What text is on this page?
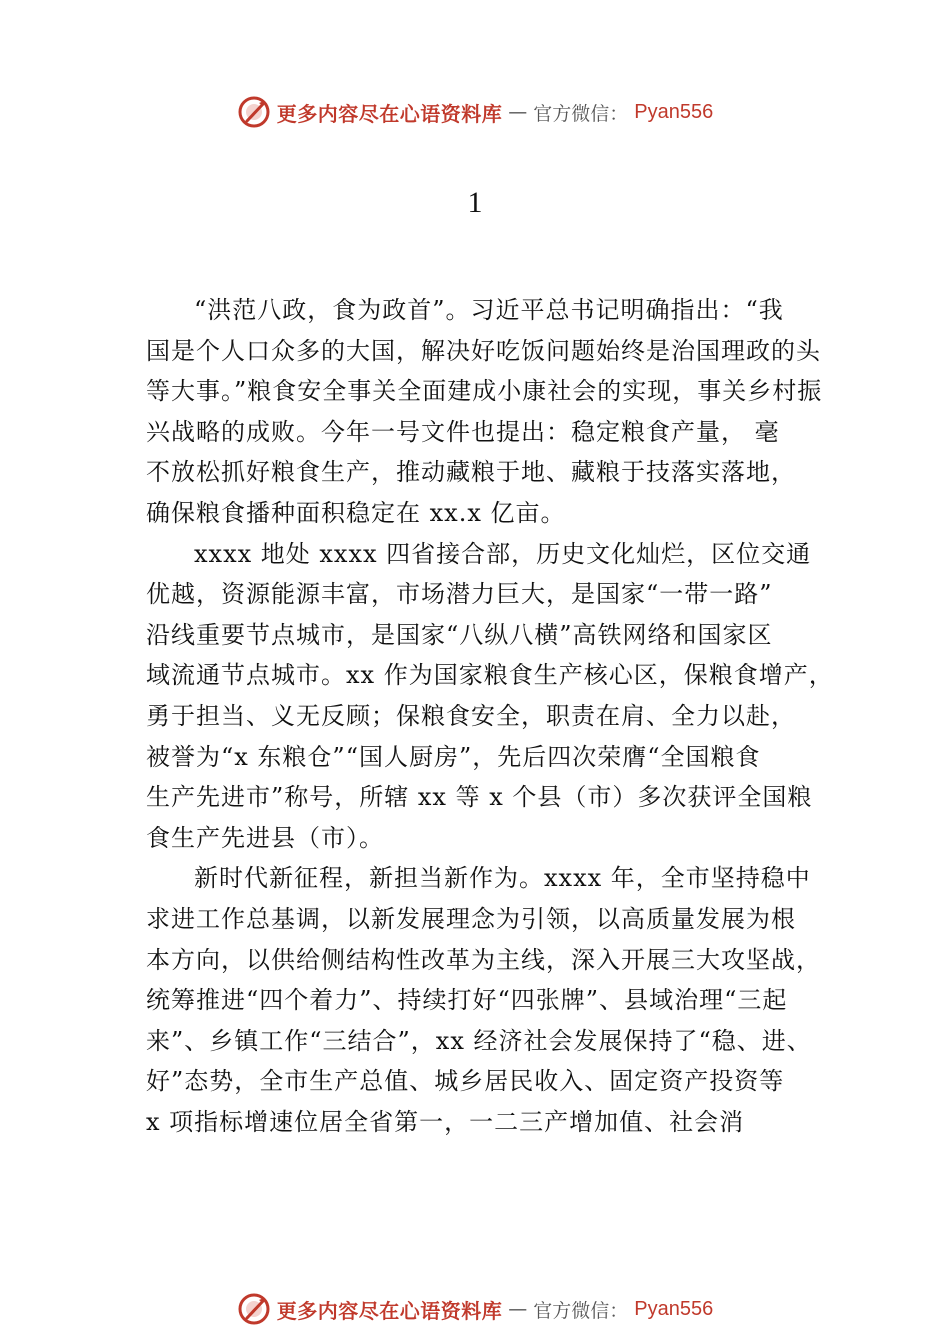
更多内容尽在心语资料库 — 官方微信： Pyan556
1
“洪范八政，食为政首”。习近平总书记明确指出：“我
国是个人口众多的大国，解决好吃饭问题始终是治国理政的头
等大事。”粮食安全事关全面建成小康社会的实现，事关乡村振
兴战略的成败。今年一号文件也提出：稳定粮食产量， 毫
不放松抓好粮食生产，推动藏粮于地、藏粮于技落实落地，
确保粮食播种面积稳定在 xx.x 亿亩。
xxxx 地处 xxxx 四省接合部，历史文化灿烂，区位交通
优越，资源能源丰富，市场潜力巨大，是国家“一带一路”
沿线重要节点城市，是国家“八纵八横”高铁网络和国家区
域流通节点城市。xx 作为国家粮食生产核心区，保粮食增产，
勇于担当、义无反顾；保粮食安全，职责在肩、全力以赴，
被誉为“x 东粮仓”“国人厨房”，先后四次荣膺“全国粮食
生产先进市”称号，所辖 xx 等 x 个县（市）多次获评全国粮
食生产先进县（市）。
新时代新征程，新担当新作为。xxxx 年，全市坚持稳中
求进工作总基调，以新发展理念为引领，以高质量发展为根
本方向，以供给侧结构性改革为主线，深入开展三大攻坚战，
统筹推进“四个着力”、持续打好“四张牌”、县域治理“三起
来”、乡镇工作“三结合”，xx 经济社会发展保持了“稳、进、
好”态势，全市生产总值、城乡居民收入、固定资产投资等
x 项指标增速位居全省第一，一二三产增加值、社会消
更多内容尽在心语资料库 — 官方微信： Pyan556
